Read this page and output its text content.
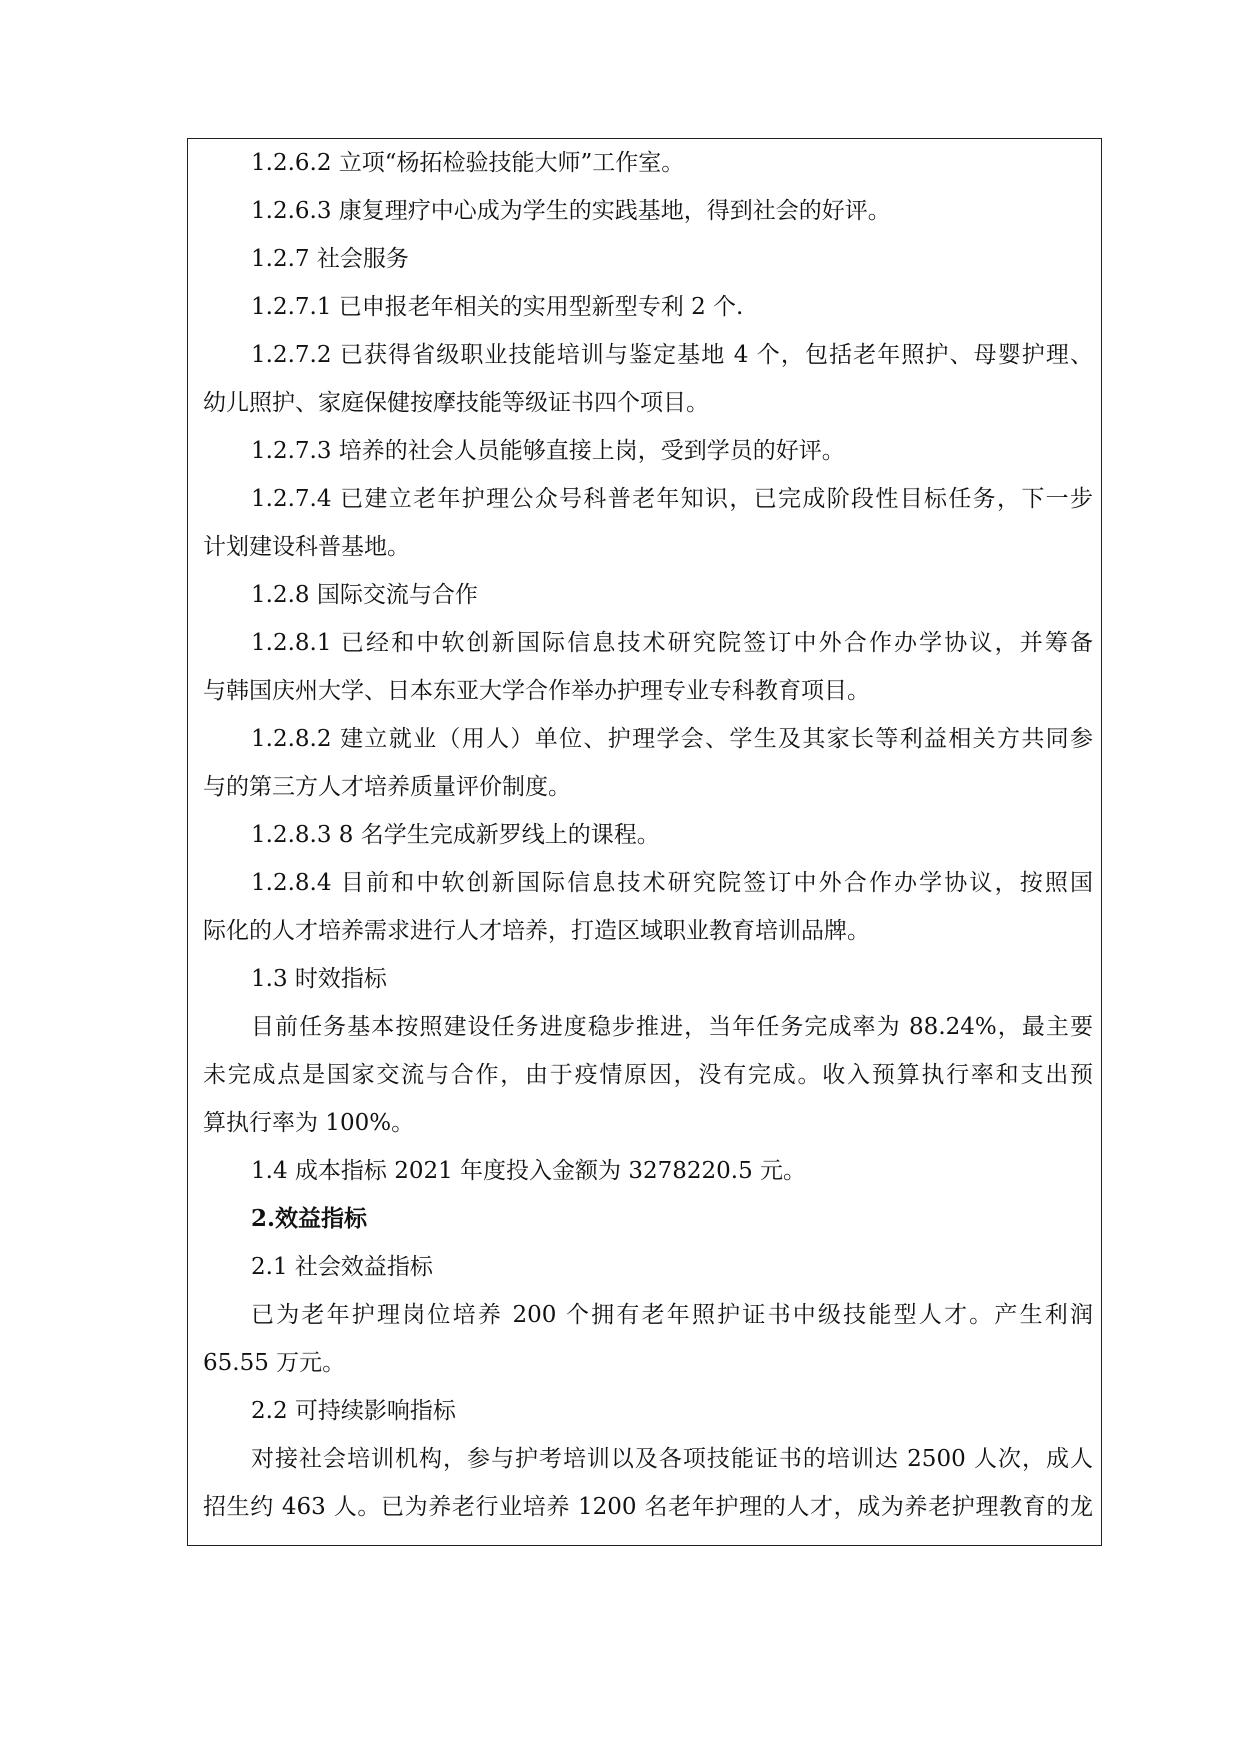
1.2.6.2 立项“杨拓检验技能大师”工作室。
1.2.6.3 康复理疗中心成为学生的实践基地，得到社会的好评。
1.2.7 社会服务
1.2.7.1 已申报老年相关的实用型新型专利 2 个.
1.2.7.2 已获得省级职业技能培训与鉴定基地 4 个，包括老年照护、母婴护理、
幼儿照护、家庭保健按摩技能等级证书四个项目。
1.2.7.3 培养的社会人员能够直接上岗，受到学员的好评。
1.2.7.4 已建立老年护理公众号科普老年知识，已完成阶段性目标任务，下一步
计划建设科普基地。
1.2.8 国际交流与合作
1.2.8.1 已经和中软创新国际信息技术研究院签订中外合作办学协议，并筹备
与韩国庆州大学、日本东亚大学合作举办护理专业专科教育项目。
1.2.8.2 建立就业（用人）单位、护理学会、学生及其家长等利益相关方共同参
与的第三方人才培养质量评价制度。
1.2.8.3 8 名学生完成新罗线上的课程。
1.2.8.4 目前和中软创新国际信息技术研究院签订中外合作办学协议，按照国
际化的人才培养需求进行人才培养，打造区域职业教育培训品牌。
1.3 时效指标
目前任务基本按照建设任务进度稳步推进，当年任务完成率为 88.24%，最主要
未完成点是国家交流与合作，由于疫情原因，没有完成。收入预算执行率和支出预
算执行率为 100%。
1.4 成本指标 2021 年度投入金额为 3278220.5 元。
2.效益指标
2.1 社会效益指标
已为老年护理岗位培养 200 个拥有老年照护证书中级技能型人才。产生利润
65.55 万元。
2.2 可持续影响指标
对接社会培训机构，参与护考培训以及各项技能证书的培训达 2500 人次，成人
招生约 463 人。已为养老行业培养 1200 名老年护理的人才，成为养老护理教育的龙
